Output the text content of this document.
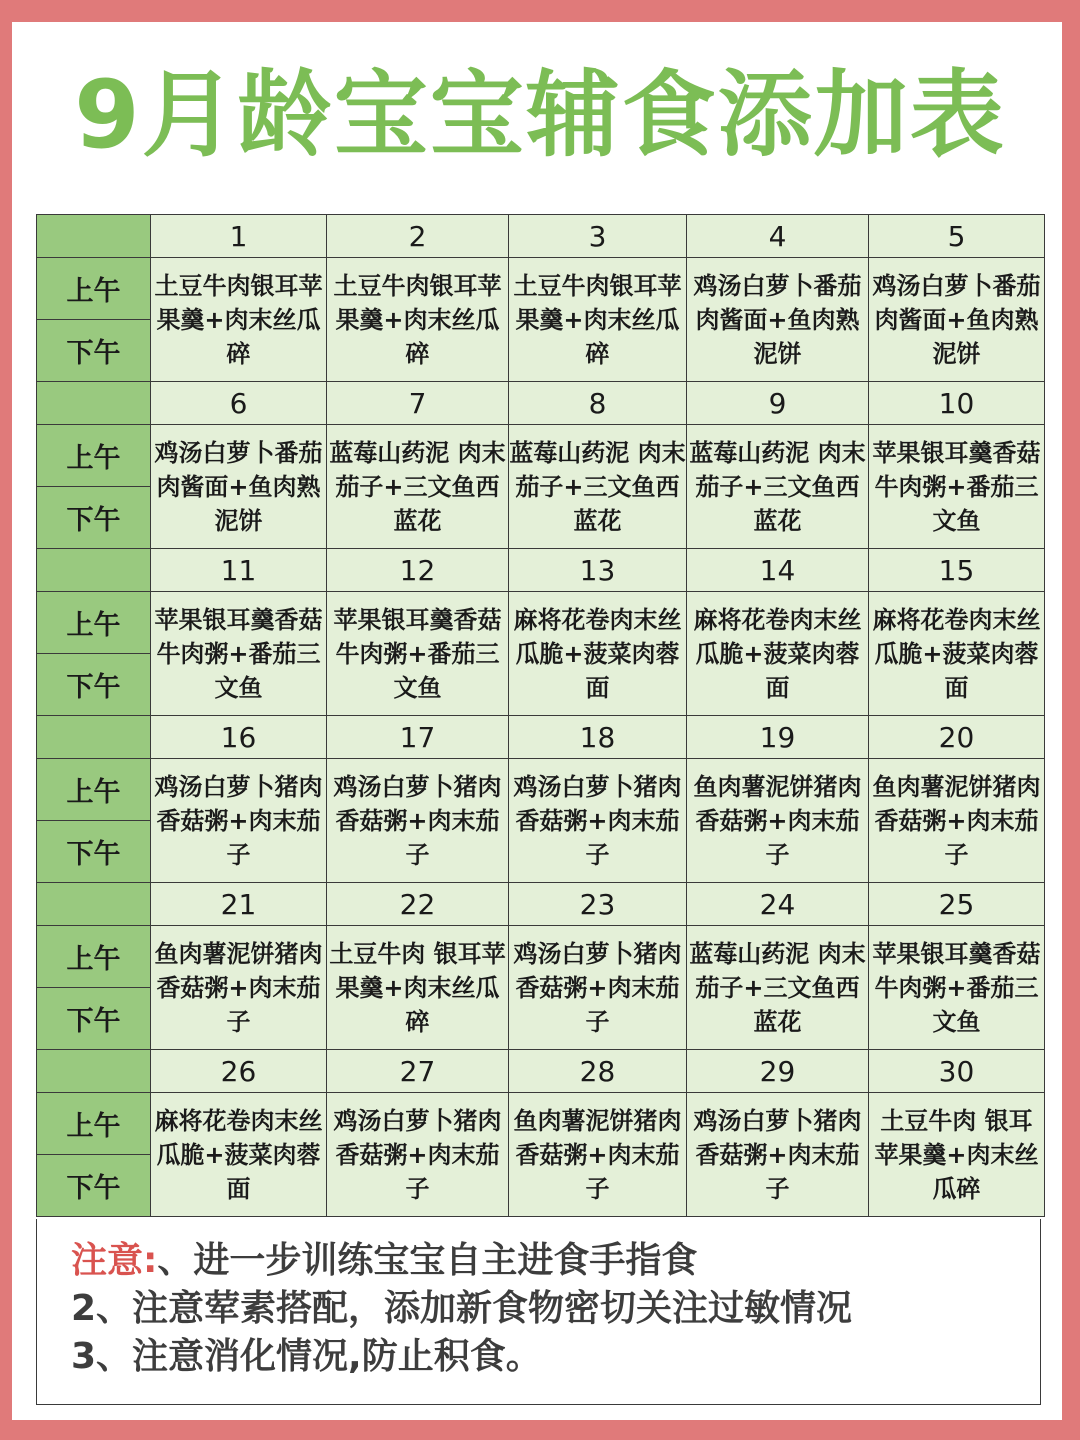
9月龄宝宝辅食添加表
	1	2	3	4	5
上午	土豆牛肉银耳苹果羹+肉末丝瓜碎	土豆牛肉银耳苹果羹+肉末丝瓜碎	土豆牛肉银耳苹果羹+肉末丝瓜碎	鸡汤白萝卜番茄肉酱面+鱼肉熟泥饼	鸡汤白萝卜番茄肉酱面+鱼肉熟泥饼
下午					
	6	7	8	9	10
上午	鸡汤白萝卜番茄肉酱面+鱼肉熟泥饼	蓝莓山药泥 肉末茄子+三文鱼西蓝花	蓝莓山药泥 肉末茄子+三文鱼西蓝花	蓝莓山药泥 肉末茄子+三文鱼西蓝花	苹果银耳羹香菇牛肉粥+番茄三文鱼
下午					
	11	12	13	14	15
上午	苹果银耳羹香菇牛肉粥+番茄三文鱼	苹果银耳羹香菇牛肉粥+番茄三文鱼	麻将花卷肉末丝瓜脆+菠菜肉蓉面	麻将花卷肉末丝瓜脆+菠菜肉蓉面	麻将花卷肉末丝瓜脆+菠菜肉蓉面
下午					
	16	17	18	19	20
上午	鸡汤白萝卜猪肉香菇粥+肉末茄子	鸡汤白萝卜猪肉香菇粥+肉末茄子	鸡汤白萝卜猪肉香菇粥+肉末茄子	鱼肉薯泥饼猪肉香菇粥+肉末茄子	鱼肉薯泥饼猪肉香菇粥+肉末茄子
下午					
	21	22	23	24	25
上午	鱼肉薯泥饼猪肉香菇粥+肉末茄子	土豆牛肉 银耳苹果羹+肉末丝瓜碎	鸡汤白萝卜猪肉香菇粥+肉末茄子	蓝莓山药泥 肉末茄子+三文鱼西蓝花	苹果银耳羹香菇牛肉粥+番茄三文鱼
下午					
	26	27	28	29	30
上午	麻将花卷肉末丝瓜脆+菠菜肉蓉面	鸡汤白萝卜猪肉香菇粥+肉末茄子	鱼肉薯泥饼猪肉香菇粥+肉末茄子	鸡汤白萝卜猪肉香菇粥+肉末茄子	土豆牛肉 银耳苹果羹+肉末丝瓜碎
下午					
注意:、进一步训练宝宝自主进食手指食
2、注意荤素搭配，添加新食物密切关注过敏情况
3、注意消化情况,防止积食。
